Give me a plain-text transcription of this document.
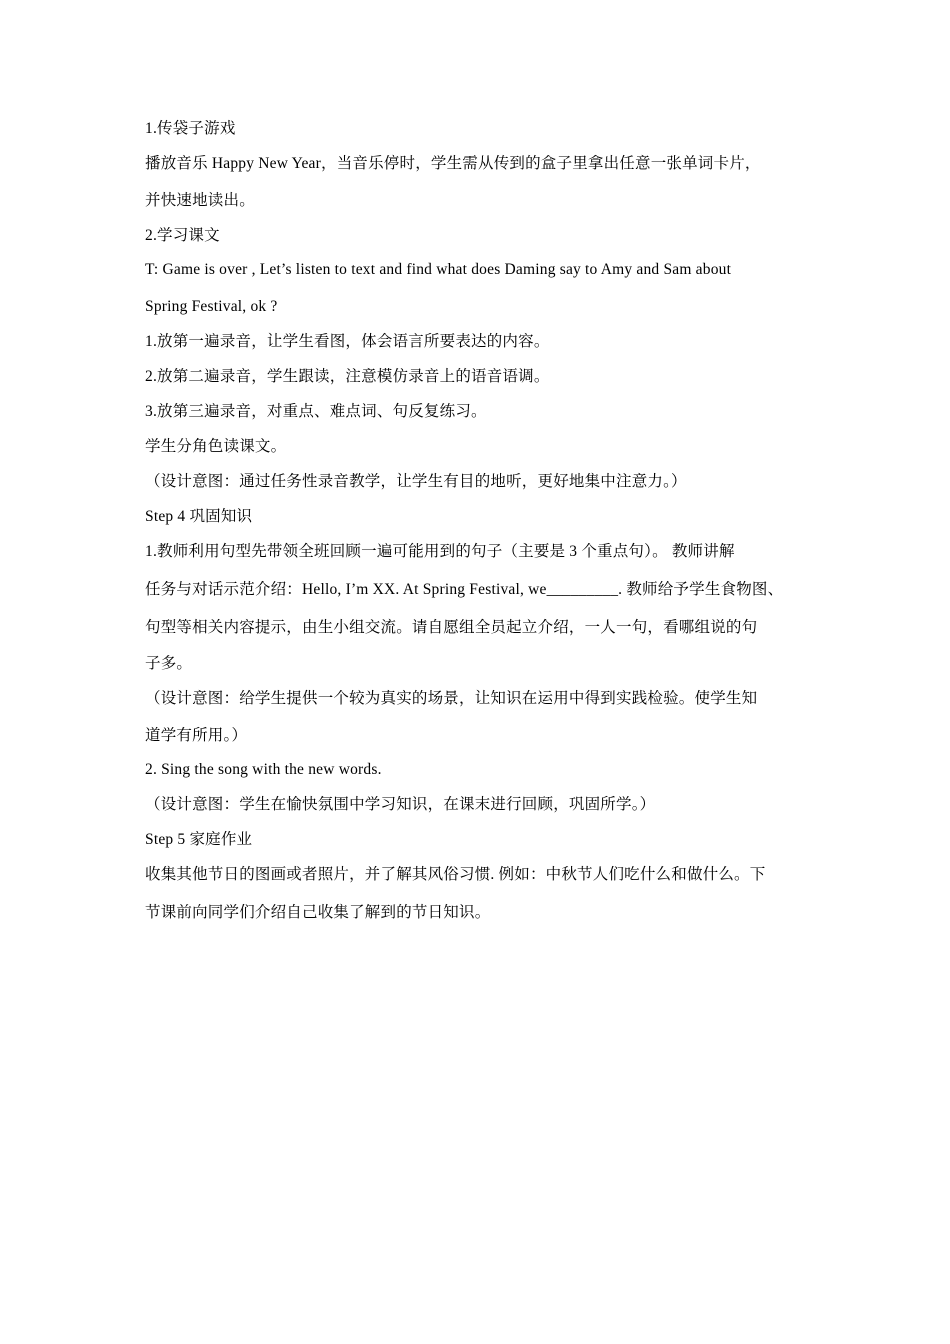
1.传袋子游戏
播放音乐 Happy New Year，当音乐停时，学生需从传到的盒子里拿出任意一张单词卡片，
并快速地读出。
2.学习课文
T: Game is over , Let’s listen to text and find what does Daming say to Amy and Sam about
Spring Festival, ok ?
1.放第一遍录音，让学生看图，体会语言所要表达的内容。
2.放第二遍录音，学生跟读，注意模仿录音上的语音语调。
3.放第三遍录音，对重点、难点词、句反复练习。
学生分角色读课文。
（设计意图：通过任务性录音教学，让学生有目的地听，更好地集中注意力。）
Step 4 巩固知识
1.教师利用句型先带领全班回顾一遍可能用到的句子（主要是 3 个重点句）。 教师讲解
任务与对话示范介绍：Hello, I’m XX. At Spring Festival, we_________. 教师给予学生食物图、
句型等相关内容提示，由生小组交流。请自愿组全员起立介绍，一人一句，看哪组说的句
子多。
（设计意图：给学生提供一个较为真实的场景，让知识在运用中得到实践检验。使学生知
道学有所用。）
2. Sing the song with the new words.
（设计意图：学生在愉快氛围中学习知识，在课末进行回顾，巩固所学。）
Step 5 家庭作业
收集其他节日的图画或者照片，并了解其风俗习惯. 例如：中秋节人们吃什么和做什么。下
节课前向同学们介绍自己收集了解到的节日知识。
